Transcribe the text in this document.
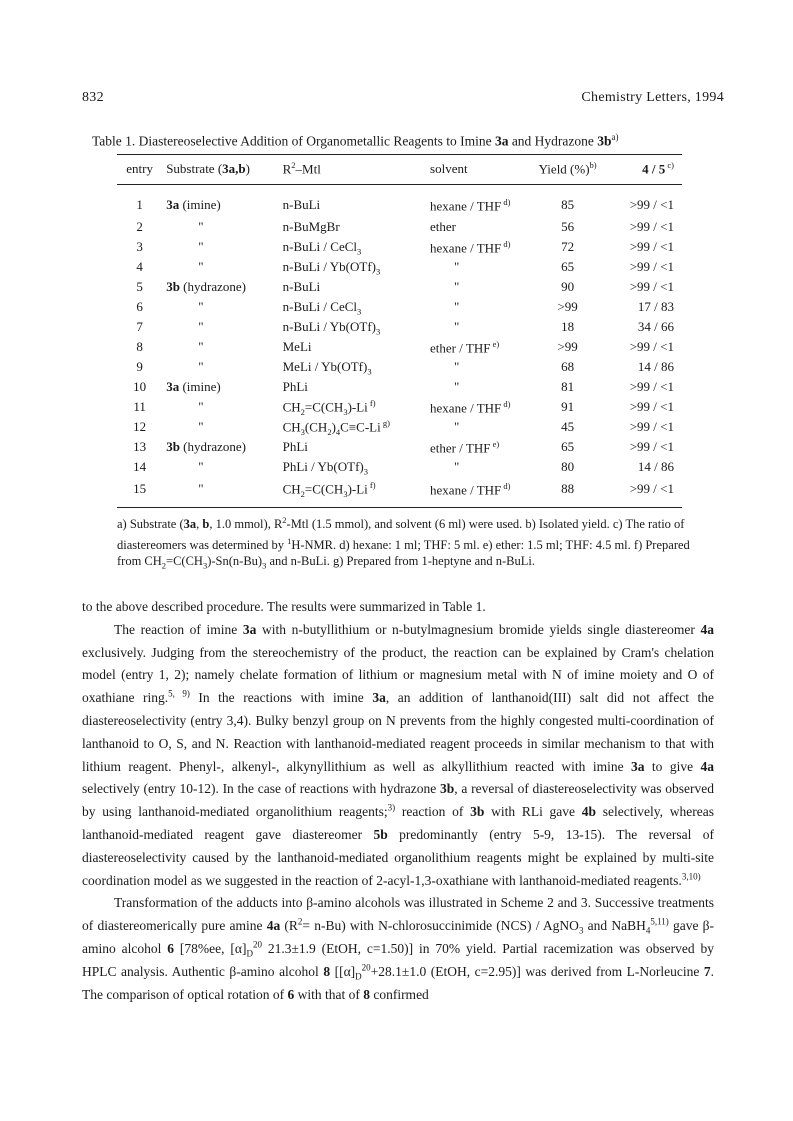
832	Chemistry Letters, 1994
Table 1. Diastereoselective Addition of Organometallic Reagents to Imine 3a and Hydrazone $3b^{a)}$
entry	Substrate (3a,b)	$R^2$–Mtl	solvent	Yield (%)$^{b)}$	4 / 5 $^{c)}$
1	3a (imine)	n-BuLi	hexane / THF $^{d)}$	85	>99 / <1
2	"	n-BuMgBr	ether	56	>99 / <1
3	"	n-BuLi / CeCl$_3$	hexane / THF $^{d)}$	72	>99 / <1
4	"	n-BuLi / $Yb(OTf)_3$	"	65	>99 / <1
5	3b (hydrazone)	n-BuLi	"	90	>99 / <1
6	"	n-BuLi / CeCl$_3$	"	>99	17 / 83
7	"	n-BuLi / $Yb(OTf)_3$	"	18	34 / 66
8	"	MeLi	ether / THF $^{e)}$	>99	>99 / <1
9	"	MeLi / $Yb(OTf)_3$	"	68	14 / 86
10	3a (imine)	PhLi	"	81	>99 / <1
11	"	$CH_2=C(CH_3)-Li$ $^{f)}$	hexane / THF $^{d)}$	91	>99 / <1
12	"	$CH_3(CH_2)_4C\equiv C-Li$ $^{g)}$	"	45	>99 / <1
13	3b (hydrazone)	PhLi	ether / THF $^{e)}$	65	>99 / <1
14	"	PhLi / $Yb(OTf)_3$	"	80	14 / 86
15	"	$CH_2=C(CH_3)-Li$ $^{f)}$	hexane / THF $^{d)}$	88	>99 / <1
a) Substrate (3a, b, 1.0 mmol), $R^2$-Mtl (1.5 mmol), and solvent (6 ml) were used. b) Isolated yield. c) The ratio of diastereomers was determined by $^1$H-NMR. d) hexane: 1 ml; THF: 5 ml. e) ether: 1.5 ml; THF: 4.5 ml. f) Prepared from $CH_2=C(CH_3)-Sn(n-Bu)_3$ and n-BuLi. g) Prepared from 1-heptyne and n-BuLi.

to the above described procedure. The results were summarized in Table 1.

The reaction of imine 3a with n-butyllithium or n-butylmagnesium bromide yields single diastereomer 4a exclusively. Judging from the stereochemistry of the product, the reaction can be explained by Cram's chelation model (entry 1, 2); namely chelate formation of lithium or magnesium metal with N of imine moiety and O of oxathiane ring.$^{5, 9)}$ In the reactions with imine 3a, an addition of lanthanoid(III) salt did not affect the diastereoselectivity (entry 3,4). Bulky benzyl group on N prevents from the highly congested multi-coordination of lanthanoid to O, S, and N. Reaction with lanthanoid-mediated reagent proceeds in similar mechanism to that with lithium reagent. Phenyl-, alkenyl-, alkynyllithium as well as alkyllithium reacted with imine 3a to give 4a selectively (entry 10-12). In the case of reactions with hydrazone 3b, a reversal of diastereoselectivity was observed by using lanthanoid-mediated organolithium reagents;$^{3)}$ reaction of 3b with RLi gave 4b selectively, whereas lanthanoid-mediated reagent gave diastereomer 5b predominantly (entry 5-9, 13-15). The reversal of diastereoselectivity caused by the lanthanoid-mediated organolithium reagents might be explained by multi-site coordination model as we suggested in the reaction of 2-acyl-1,3-oxathiane with lanthanoid-mediated reagents.$^{3,10)}$

Transformation of the adducts into β-amino alcohols was illustrated in Scheme 2 and 3. Successive treatments of diastereomerically pure amine 4a $(R^2= n-Bu)$ with N-chlorosuccinimide (NCS) / AgNO$_3$ and NaBH$_4^{5,11)}$ gave β-amino alcohol 6 [78%ee, $[\alpha]_D^{20}$ 21.3±1.9 (EtOH, c=1.50)] in 70% yield. Partial racemization was observed by HPLC analysis. Authentic β-amino alcohol 8 [$[\alpha]_D^{20}+28.1\pm 1.0$ (EtOH, c=2.95)] was derived from L-Norleucine 7. The comparison of optical rotation of 6 with that of 8 confirmed
